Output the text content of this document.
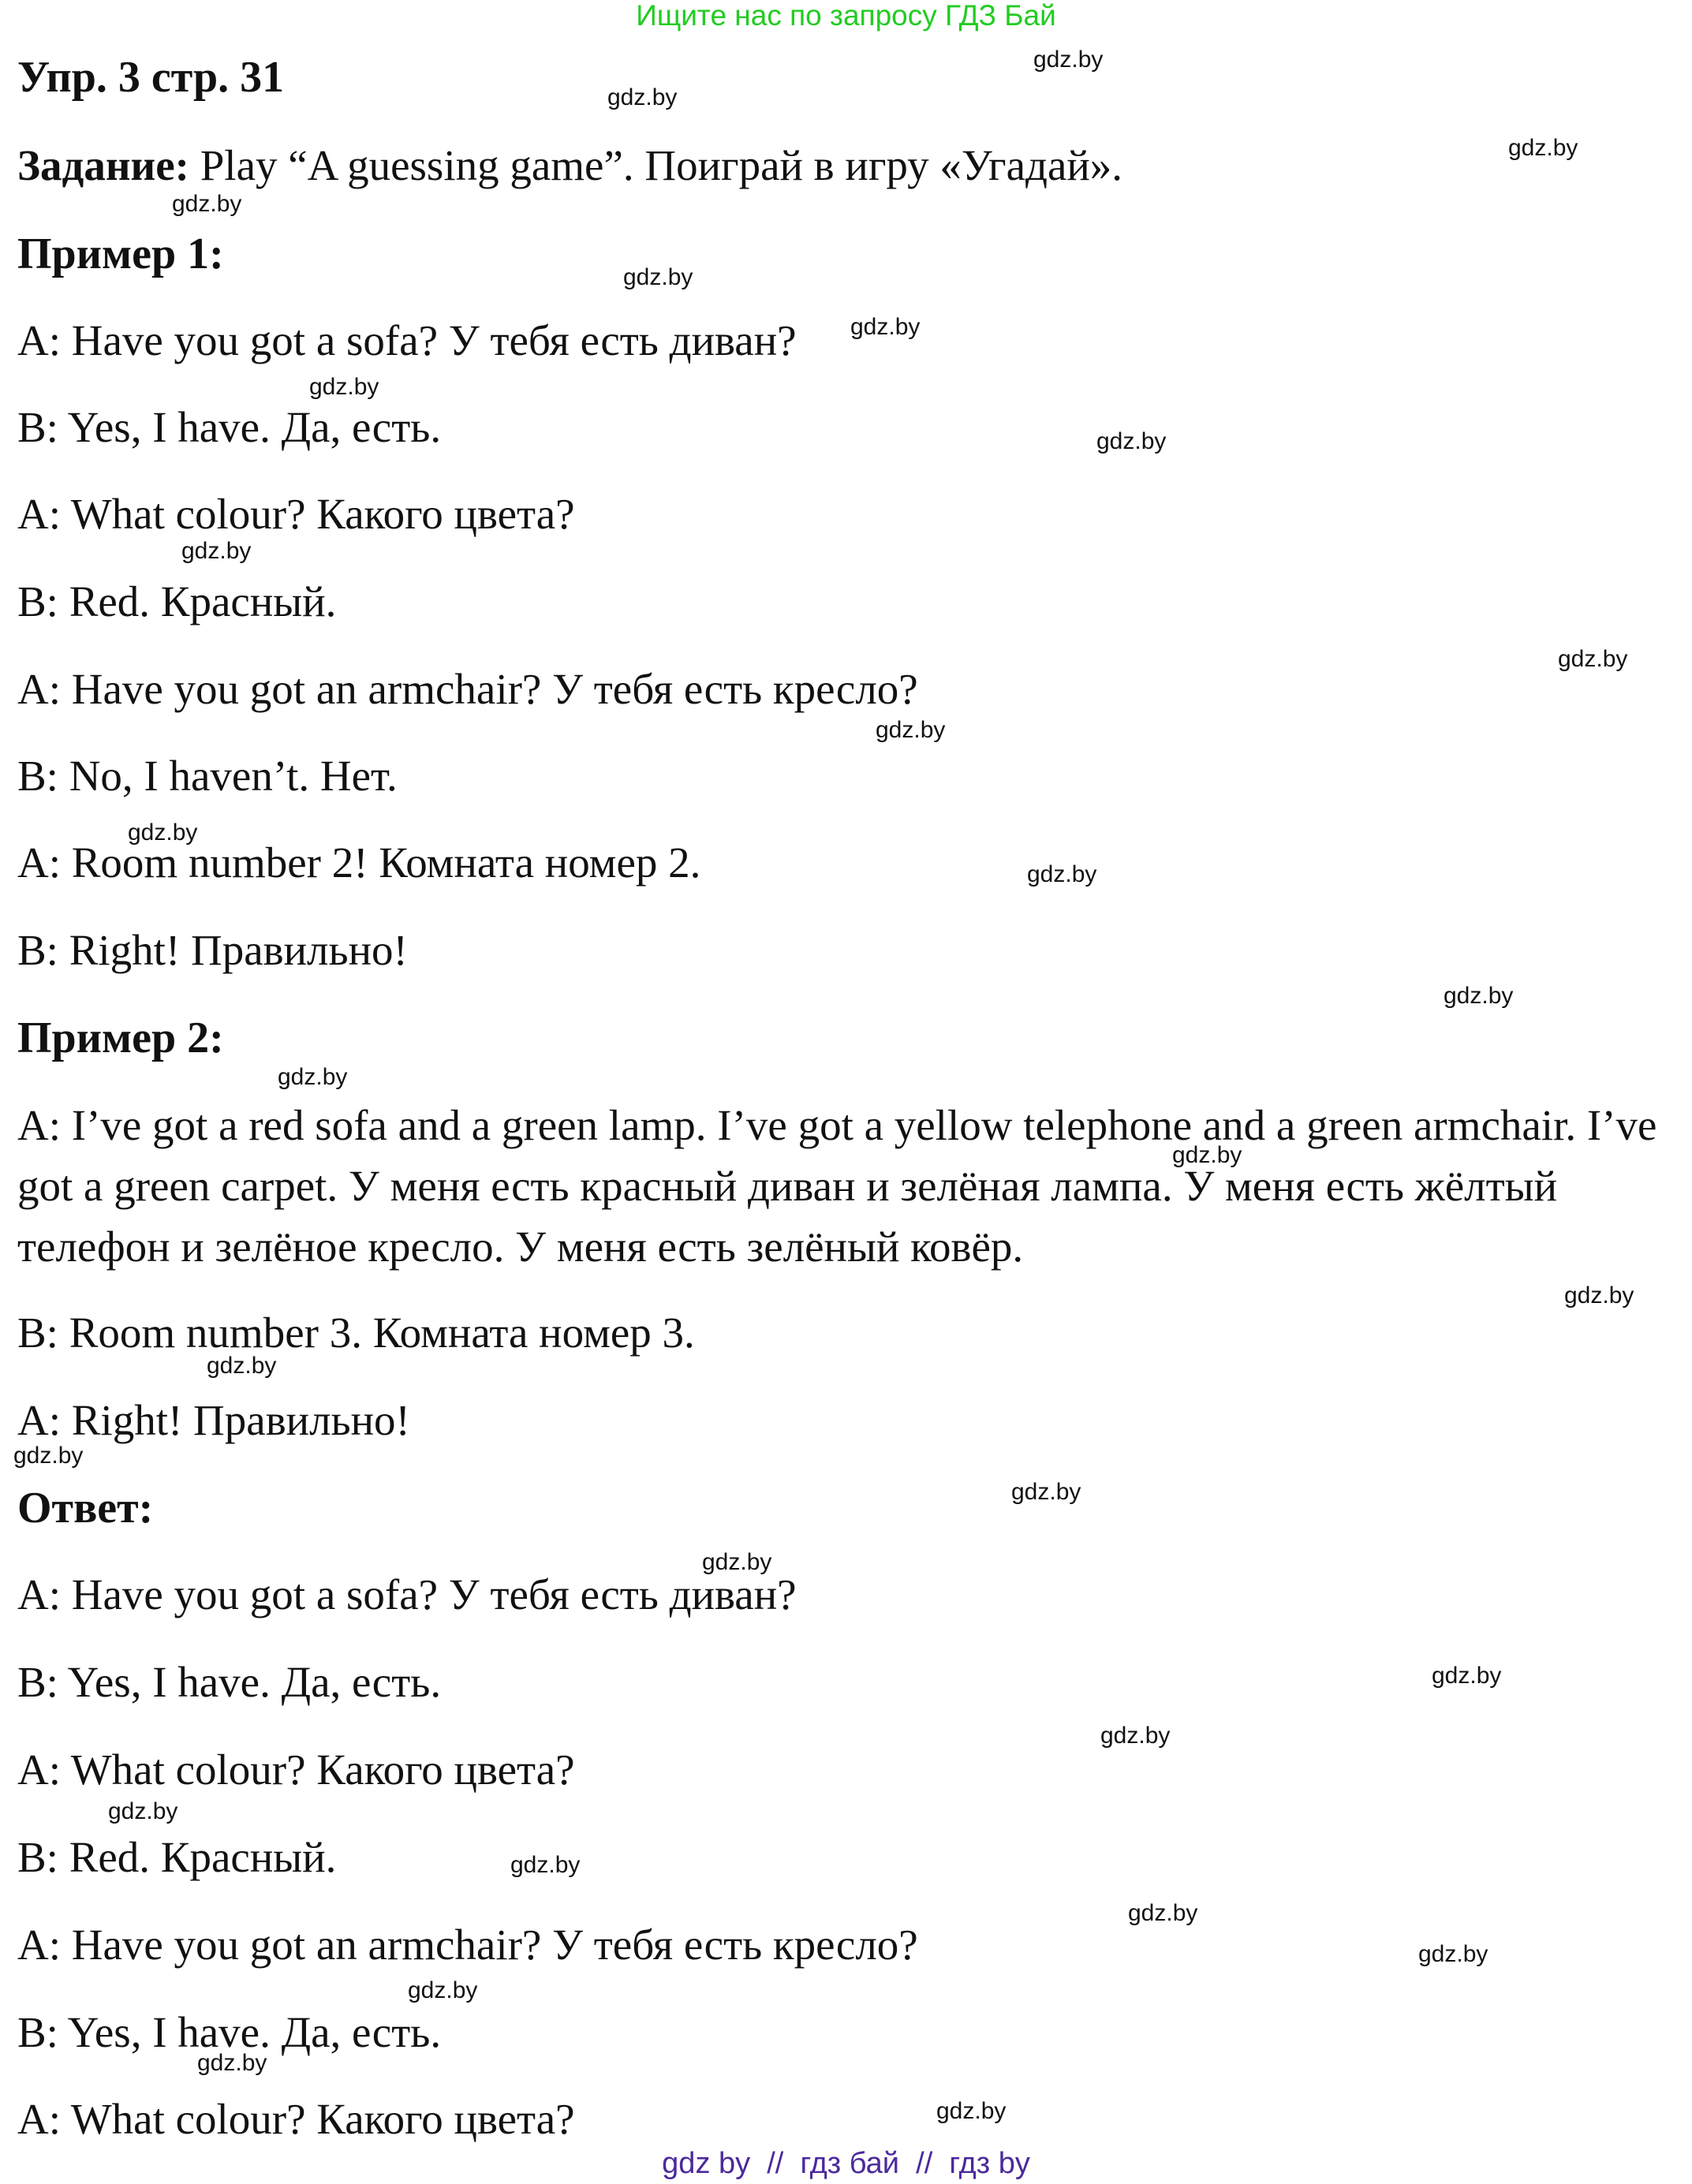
Ищите нас по запросу ГДЗ Бай
Упр. 3 стр. 31
Задание: Play “A guessing game”. Поиграй в игру «Угадай».
Пример 1:
A: Have you got a sofa? У тебя есть диван?
B: Yes, I have. Да, есть.
A: What colour? Какого цвета?
B: Red. Красный.
A: Have you got an armchair? У тебя есть кресло?
B: No, I haven’t. Нет.
A: Room number 2! Комната номер 2.
B: Right! Правильно!
Пример 2:
A: I’ve got a red sofa and a green lamp. I’ve got a yellow telephone and a green armchair. I’ve got a green carpet. У меня есть красный диван и зелёная лампа. У меня есть жёлтый телефон и зелёное кресло. У меня есть зелёный ковёр.
B: Room number 3. Комната номер 3.
A: Right! Правильно!
Ответ:
A: Have you got a sofa? У тебя есть диван?
B: Yes, I have. Да, есть.
A: What colour? Какого цвета?
B: Red. Красный.
A: Have you got an armchair? У тебя есть кресло?
B: Yes, I have. Да, есть.
A: What colour? Какого цвета?
gdz.by
gdz.by
gdz.by
gdz.by
gdz.by
gdz.by
gdz.by
gdz.by
gdz.by
gdz.by
gdz.by
gdz.by
gdz.by
gdz.by
gdz.by
gdz.by
gdz.by
gdz.by
gdz.by
gdz.by
gdz.by
gdz.by
gdz.by
gdz.by
gdz.by
gdz.by
gdz.by
gdz.by
gdz.by
gdz.by
gdz by  //  гдз бай  //  гдз by
